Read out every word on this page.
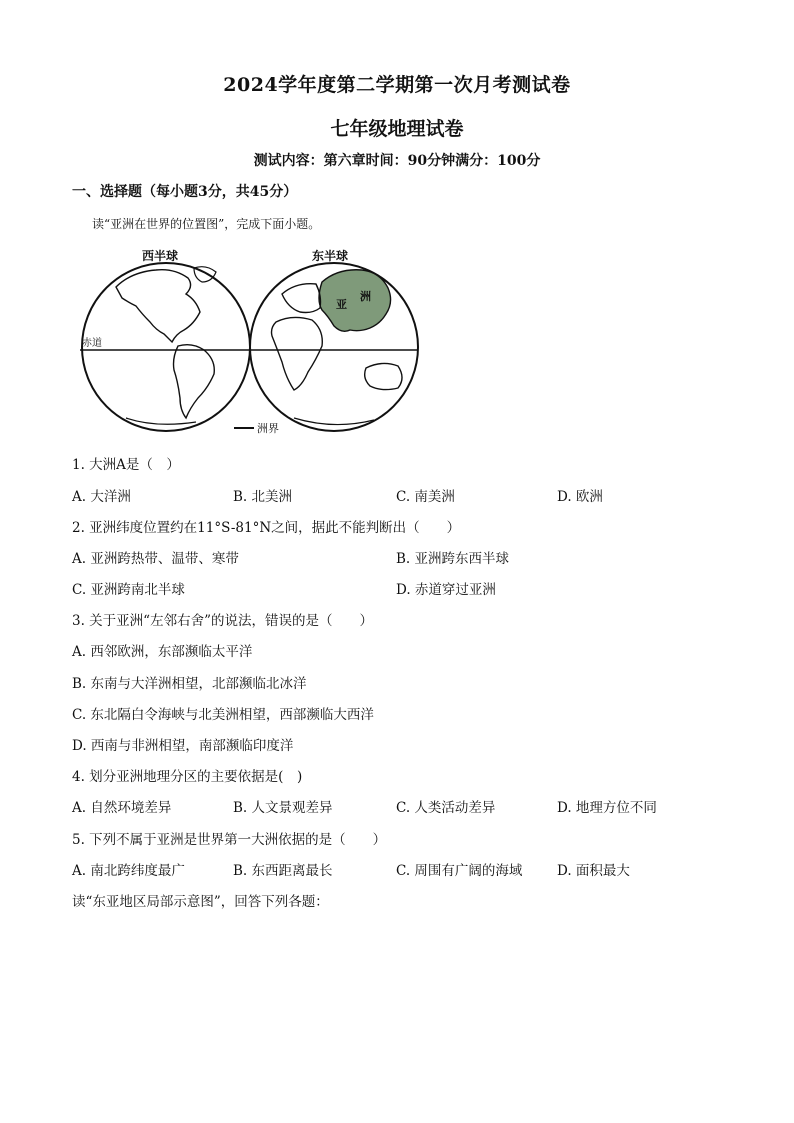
2024学年度第二学期第一次月考测试卷
七年级地理试卷
测试内容：第六章时间：90分钟满分：100分
一、选择题（每小题3分，共45分）
读“亚洲在世界的位置图”，完成下面小题。
西半球
亚
洲
东半球
赤道
洲界
1. 大洲A是（　）
A. 大洋洲	B. 北美洲	C. 南美洲	D. 欧洲
2. 亚洲纬度位置约在11°S-81°N之间，据此不能判断出（　　）
A. 亚洲跨热带、温带、寒带	B. 亚洲跨东西半球
C. 亚洲跨南北半球	D. 赤道穿过亚洲
3. 关于亚洲“左邻右舍”的说法，错误的是（　　）
A. 西邻欧洲，东部濒临太平洋
B. 东南与大洋洲相望，北部濒临北冰洋
C. 东北隔白令海峡与北美洲相望，西部濒临大西洋
D. 西南与非洲相望，南部濒临印度洋
4. 划分亚洲地理分区的主要依据是(　)
A. 自然环境差异	B. 人文景观差异	C. 人类活动差异	D. 地理方位不同
5. 下列不属于亚洲是世界第一大洲依据的是（　　）
A. 南北跨纬度最广	B. 东西距离最长	C. 周围有广阔的海域	D. 面积最大
读“东亚地区局部示意图”，回答下列各题：
